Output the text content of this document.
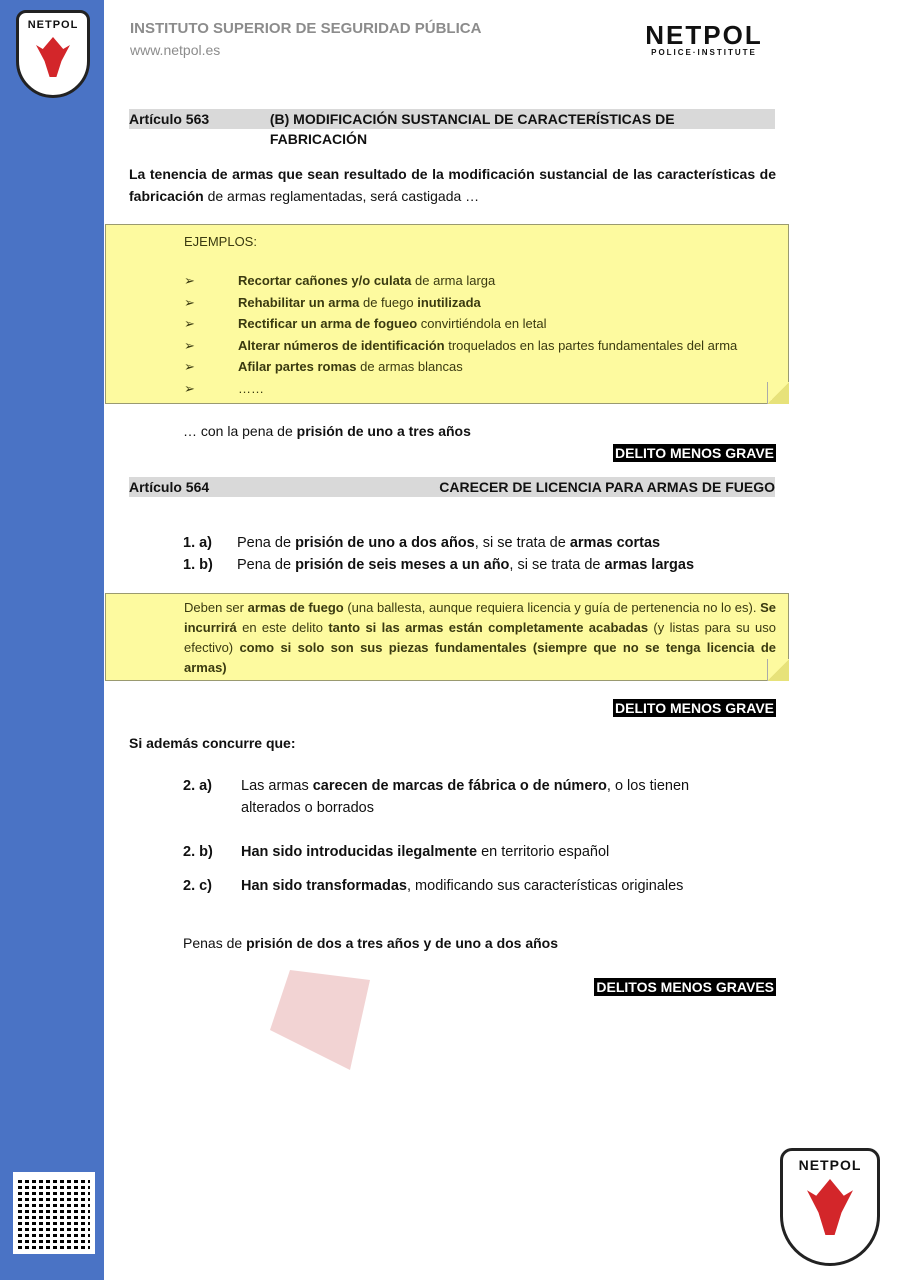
NETPOL	INSTITUTO SUPERIOR DE SEGURIDAD PÚBLICA
www.netpol.es	NETPOL
POLICE·INSTITUTE
Artículo 563	(B) MODIFICACIÓN SUSTANCIAL DE CARACTERÍSTICAS DE FABRICACIÓN
La tenencia de armas que sean resultado de la modificación sustancial de las características de fabricación de armas reglamentadas, será castigada …
EJEMPLOS:
➢	Recortar cañones y/o culata de arma larga
➢	Rehabilitar un arma de fuego inutilizada
➢	Rectificar un arma de fogueo convirtiéndola en letal
➢	Alterar números de identificación troquelados en las partes fundamentales del arma
➢	Afilar partes romas de armas blancas
➢	……
… con la pena de prisión de uno a tres años
DELITO MENOS GRAVE
Artículo 564	CARECER DE LICENCIA PARA ARMAS DE FUEGO
1. a) Pena de prisión de uno a dos años, si se trata de armas cortas
1. b) Pena de prisión de seis meses a un año, si se trata de armas largas
Deben ser armas de fuego (una ballesta, aunque requiera licencia y guía de pertenencia no lo es). Se incurrirá en este delito tanto si las armas están completamente acabadas (y listas para su uso efectivo) como si solo son sus piezas fundamentales (siempre que no se tenga licencia de armas)
DELITO MENOS GRAVE
Si además concurre que:
2. a)	Las armas carecen de marcas de fábrica o de número, o los tienen alterados o borrados
2. b)	Han sido introducidas ilegalmente en territorio español
2. c)	Han sido transformadas, modificando sus características originales
Penas de prisión de dos a tres años y de uno a dos años
DELITOS MENOS GRAVES
NETPOL
